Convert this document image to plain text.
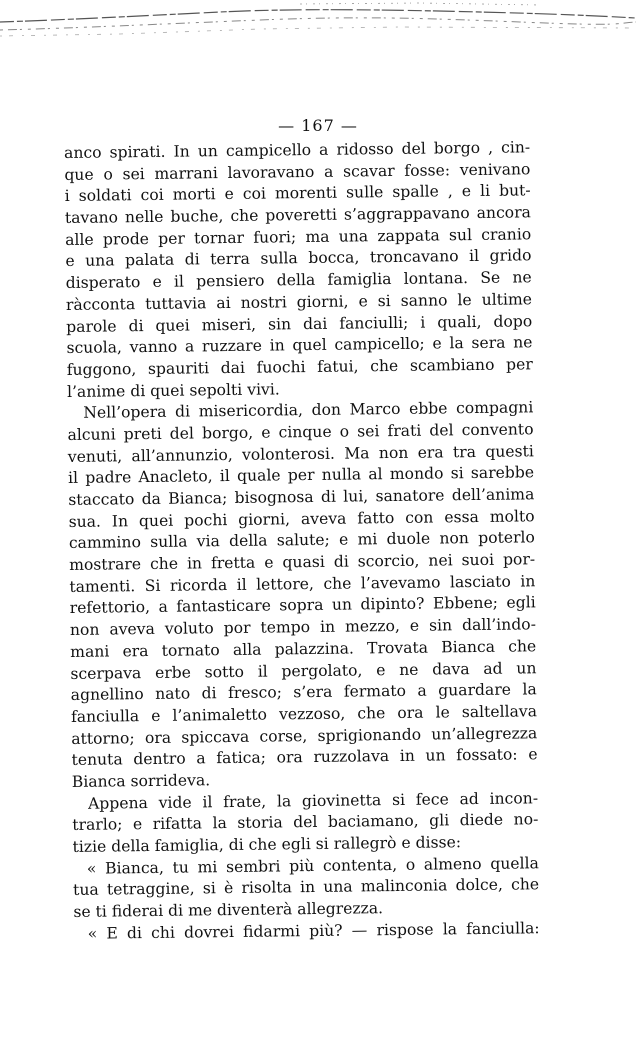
— 167 —
anco spirati. In un campicello a ridosso del borgo , cin-
que o sei marrani lavoravano a scavar fosse: venivano
i soldati coi morti e coi morenti sulle spalle , e li but-
tavano nelle buche, che poveretti s’aggrappavano ancora
alle prode per tornar fuori; ma una zappata sul cranio
e una palata di terra sulla bocca, troncavano il grido
disperato e il pensiero della famiglia lontana. Se ne
ràcconta tuttavia ai nostri giorni, e si sanno le ultime
parole di quei miseri, sin dai fanciulli; i quali, dopo
scuola, vanno a ruzzare in quel campicello; e la sera ne
fuggono, spauriti dai fuochi fatui, che scambiano per
l’anime di quei sepolti vivi.
Nell’opera di misericordia, don Marco ebbe compagni
alcuni preti del borgo, e cinque o sei frati del convento
venuti, all’annunzio, volonterosi. Ma non era tra questi
il padre Anacleto, il quale per nulla al mondo si sarebbe
staccato da Bianca; bisognosa di lui, sanatore dell’anima
sua. In quei pochi giorni, aveva fatto con essa molto
cammino sulla via della salute; e mi duole non poterlo
mostrare che in fretta e quasi di scorcio, nei suoi por-
tamenti. Si ricorda il lettore, che l’avevamo lasciato in
refettorio, a fantasticare sopra un dipinto? Ebbene; egli
non aveva voluto por tempo in mezzo, e sin dall’indo-
mani era tornato alla palazzina. Trovata Bianca che
scerpava erbe sotto il pergolato, e ne dava ad un
agnellino nato di fresco; s’era fermato a guardare la
fanciulla e l’animaletto vezzoso, che ora le saltellava
attorno; ora spiccava corse, sprigionando un’allegrezza
tenuta dentro a fatica; ora ruzzolava in un fossato: e
Bianca sorrideva.
Appena vide il frate, la giovinetta si fece ad incon-
trarlo; e rifatta la storia del baciamano, gli diede no-
tizie della famiglia, di che egli si rallegrò e disse:
« Bianca, tu mi sembri più contenta, o almeno quella
tua tetraggine, si è risolta in una malinconia dolce, che
se ti fiderai di me diventerà allegrezza.
« E di chi dovrei fidarmi più? — rispose la fanciulla:
